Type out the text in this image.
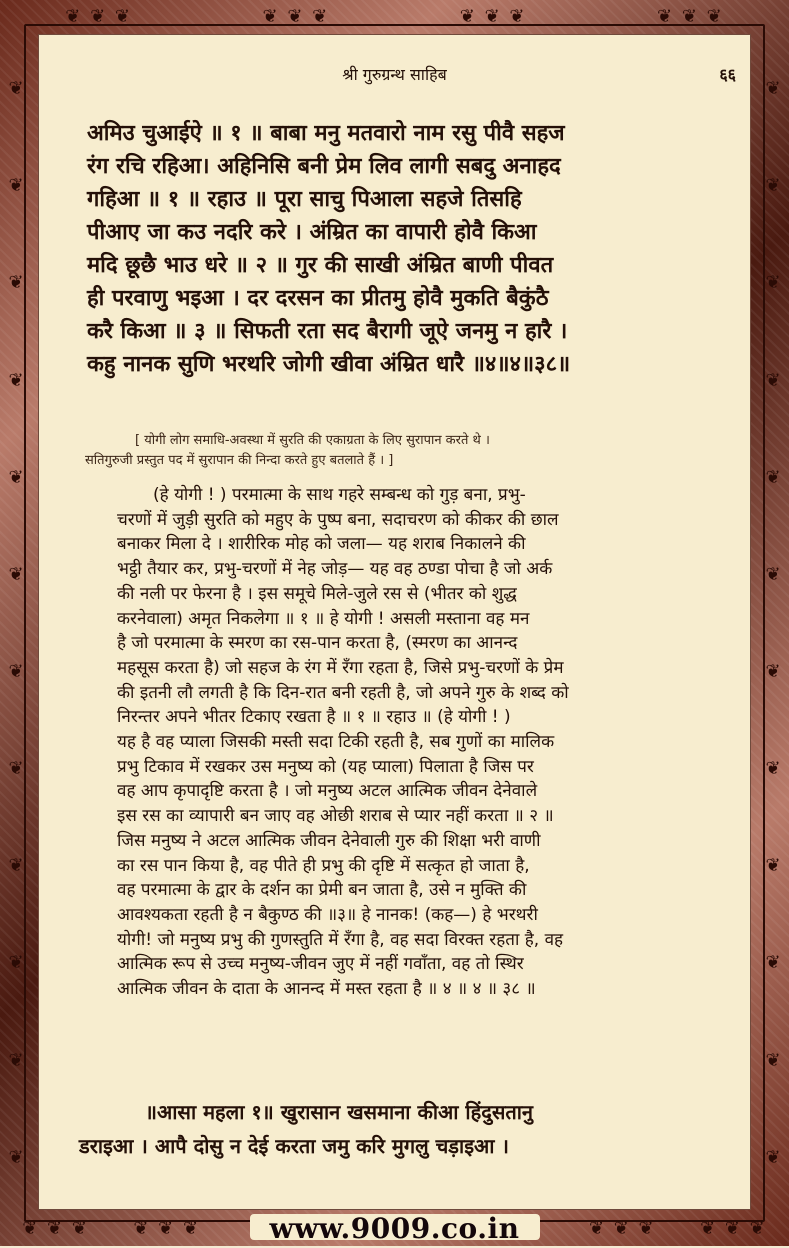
❦ ❦ ❦	❦ ❦ ❦	❦ ❦ ❦	❦ ❦ ❦
❦
❦
❦
❦
❦
❦
❦
❦
❦
❦
❦
❦
❦
❦
❦
❦
❦
❦
❦
❦
❦
❦
❦
❦
❦ ❦ ❦ ❦ ❦ ❦	❦ ❦ ❦ ❦ ❦ ❦
श्री गुरुग्रन्थ साहिब	६६
अमिउ चुआईऐ ॥ १ ॥ बाबा मनु मतवारो नाम रसु पीवै सहज
रंग रचि रहिआ। अहिनिसि बनी प्रेम लिव लागी सबदु अनाहद
गहिआ ॥ १ ॥ रहाउ ॥ पूरा साचु पिआला सहजे तिसहि
पीआए जा कउ नदरि करे । अंम्रित का वापारी होवै किआ
मदि छूछै भाउ धरे ॥ २ ॥ गुर की साखी अंम्रित बाणी पीवत
ही परवाणु भइआ । दर दरसन का प्रीतमु होवै मुकति बैकुंठै
करै किआ ॥ ३ ॥ सिफती रता सद बैरागी जूऐ जनमु न हारै ।
कहु नानक सुणि भरथरि जोगी खीवा अंम्रित धारै ॥४॥४॥३८॥
[ योगी लोग समाधि-अवस्था में सुरति की एकाग्रता के लिए सुरापान करते थे ।
सतिगुरुजी प्रस्तुत पद में सुरापान की निन्दा करते हुए बतलाते हैं । ]
(हे योगी ! ) परमात्मा के साथ गहरे सम्बन्ध को गुड़ बना, प्रभु-
चरणों में जुड़ी सुरति को महुए के पुष्प बना, सदाचरण को कीकर की छाल
बनाकर मिला दे । शारीरिक मोह को जला— यह शराब निकालने की
भट्ठी तैयार कर, प्रभु-चरणों में नेह जोड़— यह वह ठण्डा पोचा है जो अर्क
की नली पर फेरना है । इस समूचे मिले-जुले रस से (भीतर को शुद्ध
करनेवाला) अमृत निकलेगा ॥ १ ॥ हे योगी ! असली मस्ताना वह मन
है जो परमात्मा के स्मरण का रस-पान करता है, (स्मरण का आनन्द
महसूस करता है) जो सहज के रंग में रँगा रहता है, जिसे प्रभु-चरणों के प्रेम
की इतनी लौ लगती है कि दिन-रात बनी रहती है, जो अपने गुरु के शब्द को
निरन्तर अपने भीतर टिकाए रखता है ॥ १ ॥ रहाउ ॥ (हे योगी ! )
यह है वह प्याला जिसकी मस्ती सदा टिकी रहती है, सब गुणों का मालिक
प्रभु टिकाव में रखकर उस मनुष्य को (यह प्याला) पिलाता है जिस पर
वह आप कृपादृष्टि करता है । जो मनुष्य अटल आत्मिक जीवन देनेवाले
इस रस का व्यापारी बन जाए वह ओछी शराब से प्यार नहीं करता ॥ २ ॥
जिस मनुष्य ने अटल आत्मिक जीवन देनेवाली गुरु की शिक्षा भरी वाणी
का रस पान किया है, वह पीते ही प्रभु की दृष्टि में सत्कृत हो जाता है,
वह परमात्मा के द्वार के दर्शन का प्रेमी बन जाता है, उसे न मुक्ति की
आवश्यकता रहती है न बैकुण्ठ की ॥३॥ हे नानक! (कह—) हे भरथरी
योगी! जो मनुष्य प्रभु की गुणस्तुति में रँगा है, वह सदा विरक्त रहता है, वह
आत्मिक रूप से उच्च मनुष्य-जीवन जुए में नहीं गवाँता, वह तो स्थिर
आत्मिक जीवन के दाता के आनन्द में मस्त रहता है ॥ ४ ॥ ४ ॥ ३८ ॥
॥आसा महला १॥ खुरासान खसमाना कीआ हिंदुसतानु
डराइआ । आपै दोसु न देई करता जमु करि मुगलु चड़ाइआ ।
www.9009.co.in
